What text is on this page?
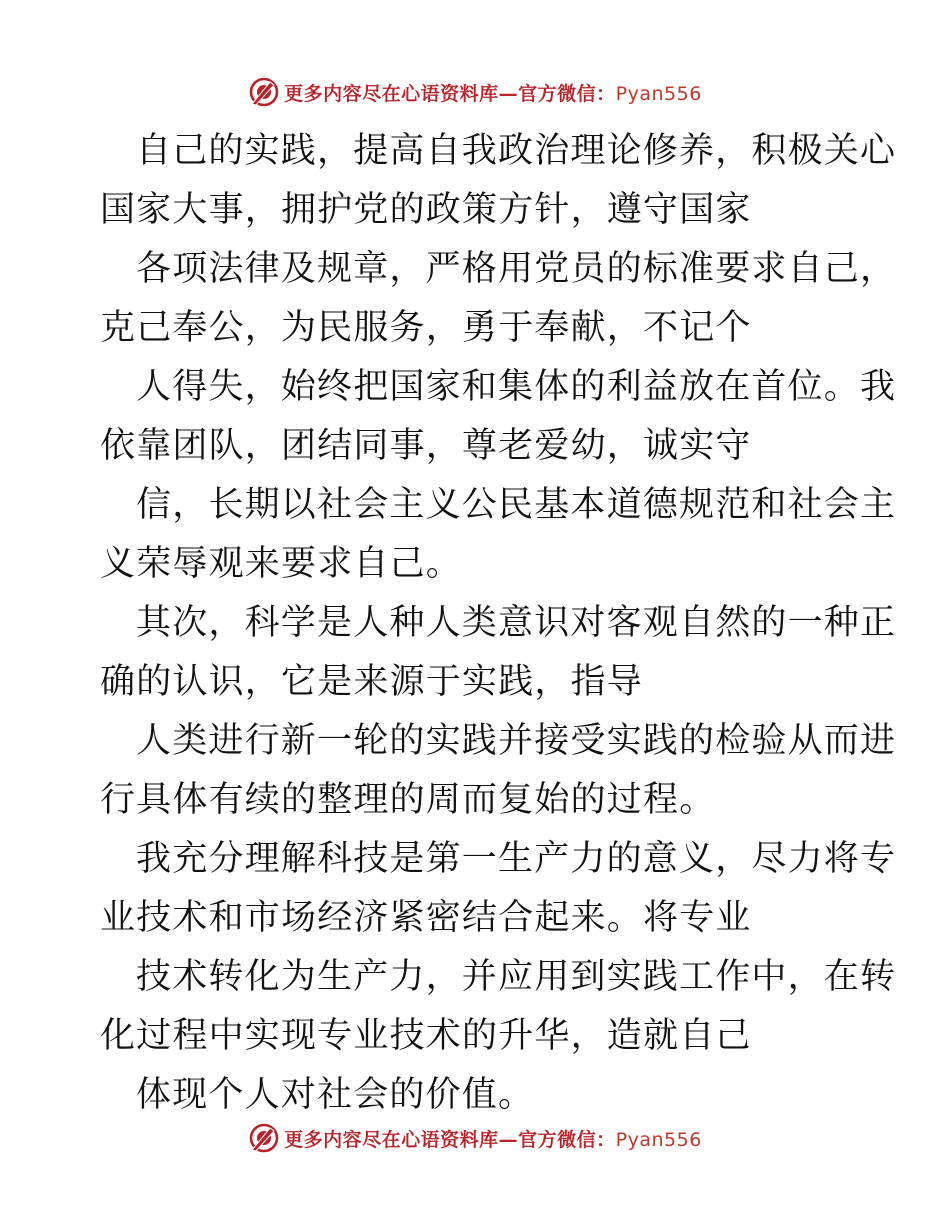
更多内容尽在心语资料库—官方微信：Pyan556
自己的实践，提高自我政治理论修养，积极关心
国家大事，拥护党的政策方针，遵守国家
各项法律及规章，严格用党员的标准要求自己，
克己奉公，为民服务，勇于奉献，不记个
人得失，始终把国家和集体的利益放在首位。我
依靠团队，团结同事，尊老爱幼，诚实守
信，长期以社会主义公民基本道德规范和社会主
义荣辱观来要求自己。
其次，科学是人种人类意识对客观自然的一种正
确的认识，它是来源于实践，指导
人类进行新一轮的实践并接受实践的检验从而进
行具体有续的整理的周而复始的过程。
我充分理解科技是第一生产力的意义，尽力将专
业技术和市场经济紧密结合起来。将专业
技术转化为生产力，并应用到实践工作中，在转
化过程中实现专业技术的升华，造就自己
体现个人对社会的价值。
更多内容尽在心语资料库—官方微信：Pyan556
